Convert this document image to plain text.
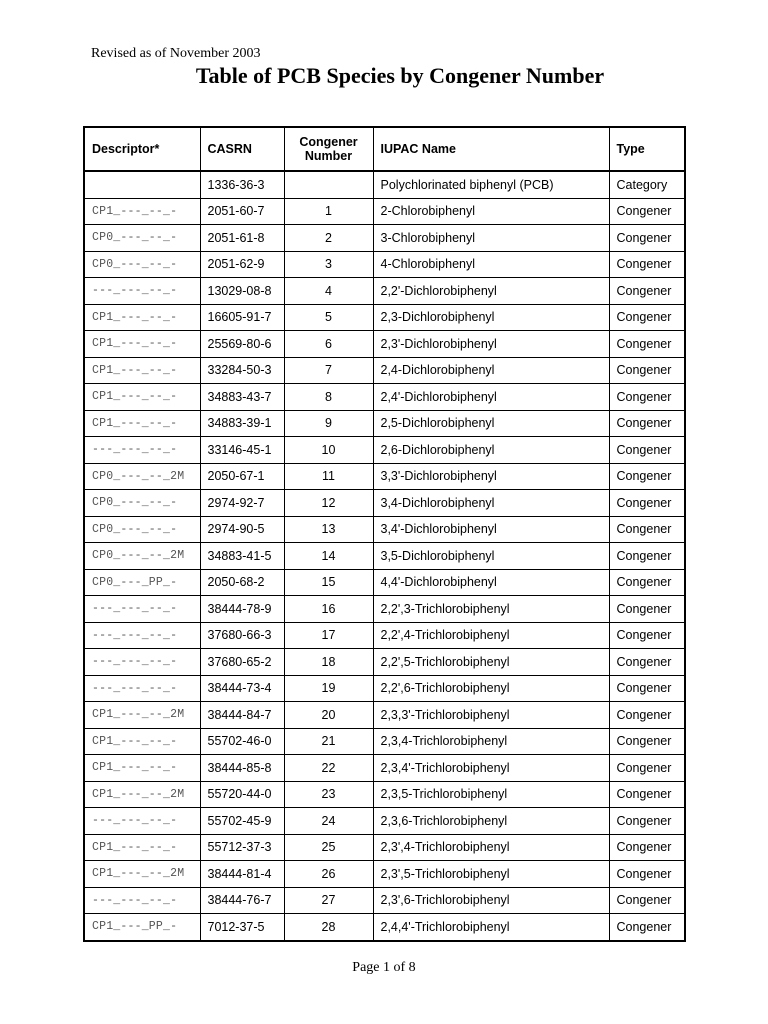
Revised as of November 2003
Table of PCB Species by Congener Number
Descriptor*	CASRN	Congener Number	IUPAC Name	Type
	1336-36-3		Polychlorinated biphenyl (PCB)	Category
CP1_---_--_-	2051-60-7	1	2-Chlorobiphenyl	Congener
CP0_---_--_-	2051-61-8	2	3-Chlorobiphenyl	Congener
CP0_---_--_-	2051-62-9	3	4-Chlorobiphenyl	Congener
---_---_--_-	13029-08-8	4	2,2'-Dichlorobiphenyl	Congener
CP1_---_--_-	16605-91-7	5	2,3-Dichlorobiphenyl	Congener
CP1_---_--_-	25569-80-6	6	2,3'-Dichlorobiphenyl	Congener
CP1_---_--_-	33284-50-3	7	2,4-Dichlorobiphenyl	Congener
CP1_---_--_-	34883-43-7	8	2,4'-Dichlorobiphenyl	Congener
CP1_---_--_-	34883-39-1	9	2,5-Dichlorobiphenyl	Congener
---_---_--_-	33146-45-1	10	2,6-Dichlorobiphenyl	Congener
CP0_---_--_2M	2050-67-1	11	3,3'-Dichlorobiphenyl	Congener
CP0_---_--_-	2974-92-7	12	3,4-Dichlorobiphenyl	Congener
CP0_---_--_-	2974-90-5	13	3,4'-Dichlorobiphenyl	Congener
CP0_---_--_2M	34883-41-5	14	3,5-Dichlorobiphenyl	Congener
CP0_---_PP_-	2050-68-2	15	4,4'-Dichlorobiphenyl	Congener
---_---_--_-	38444-78-9	16	2,2',3-Trichlorobiphenyl	Congener
---_---_--_-	37680-66-3	17	2,2',4-Trichlorobiphenyl	Congener
---_---_--_-	37680-65-2	18	2,2',5-Trichlorobiphenyl	Congener
---_---_--_-	38444-73-4	19	2,2',6-Trichlorobiphenyl	Congener
CP1_---_--_2M	38444-84-7	20	2,3,3'-Trichlorobiphenyl	Congener
CP1_---_--_-	55702-46-0	21	2,3,4-Trichlorobiphenyl	Congener
CP1_---_--_-	38444-85-8	22	2,3,4'-Trichlorobiphenyl	Congener
CP1_---_--_2M	55720-44-0	23	2,3,5-Trichlorobiphenyl	Congener
---_---_--_-	55702-45-9	24	2,3,6-Trichlorobiphenyl	Congener
CP1_---_--_-	55712-37-3	25	2,3',4-Trichlorobiphenyl	Congener
CP1_---_--_2M	38444-81-4	26	2,3',5-Trichlorobiphenyl	Congener
---_---_--_-	38444-76-7	27	2,3',6-Trichlorobiphenyl	Congener
CP1_---_PP_-	7012-37-5	28	2,4,4'-Trichlorobiphenyl	Congener
Page 1 of 8
